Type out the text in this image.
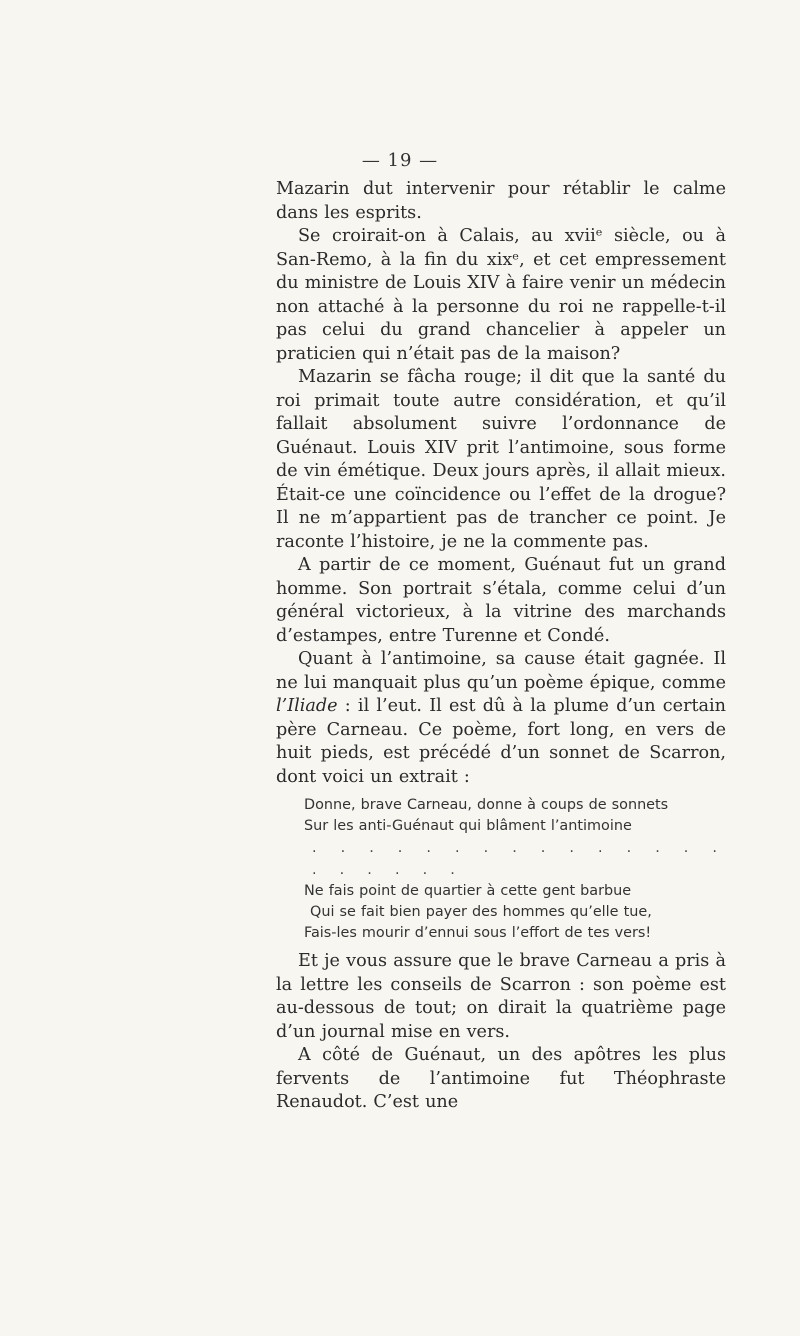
— 19 —

Mazarin dut intervenir pour rétablir le calme dans les esprits.

Se croirait-on à Calais, au xviiᵉ siècle, ou à San-Remo, à la fin du xixᵉ, et cet empressement du ministre de Louis XIV à faire venir un médecin non attaché à la personne du roi ne rappelle-t-il pas celui du grand chancelier à appeler un praticien qui n’était pas de la maison?

Mazarin se fâcha rouge; il dit que la santé du roi primait toute autre considération, et qu’il fallait absolument suivre l’ordonnance de Guénaut. Louis XIV prit l’antimoine, sous forme de vin émétique. Deux jours après, il allait mieux. Était-ce une coïncidence ou l’effet de la drogue? Il ne m’appartient pas de trancher ce point. Je raconte l’histoire, je ne la commente pas.

A partir de ce moment, Guénaut fut un grand homme. Son portrait s’étala, comme celui d’un général victorieux, à la vitrine des marchands d’estampes, entre Turenne et Condé.

Quant à l’antimoine, sa cause était gagnée. Il ne lui manquait plus qu’un poème épique, comme l’Iliade : il l’eut. Il est dû à la plume d’un certain père Carneau. Ce poème, fort long, en vers de huit pieds, est précédé d’un sonnet de Scarron, dont voici un extrait :

Donne, brave Carneau, donne à coups de sonnets
Sur les anti-Guénaut qui blâment l’antimoine
. . . . . . . . . . . . . . . . . . . . .
Ne fais point de quartier à cette gent barbue
Qui se fait bien payer des hommes qu’elle tue,
Fais-les mourir d’ennui sous l’effort de tes vers!

Et je vous assure que le brave Carneau a pris à la lettre les conseils de Scarron : son poème est au-dessous de tout; on dirait la quatrième page d’un journal mise en vers.

A côté de Guénaut, un des apôtres les plus fervents de l’antimoine fut Théophraste Renaudot. C’est une
